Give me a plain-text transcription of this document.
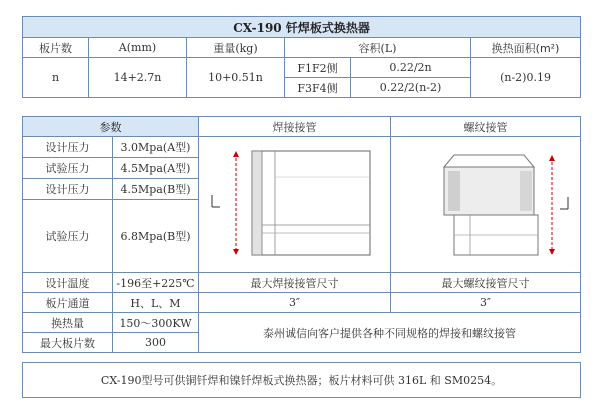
CX-190 钎焊板式换热器					
板片数	A(mm)	重量(kg)	容积(L)		换热面积(m²)
n	14+2.7n	10+0.51n	F1F2侧	0.22/2n	(n-2)0.19
			F3F4侧	0.22/2(n-2)	
参数		焊接接管	螺纹接管
设计压力	3.0Mpa(A型)	L	L

试验压力	4.5Mpa(A型)		
设计压力	4.5Mpa(B型)		
试验压力	6.8Mpa(B型)		
设计温度	-196至+225℃	最大焊接接管尺寸	最大螺纹接管尺寸
板片通道	H、L、M	3″	3″
换热量	150～300KW	泰州诚信向客户提供各种不同规格的焊接和螺纹接管	
最大板片数	300		
CX-190型号可供铜钎焊和镍钎焊板式换热器；板片材料可供 316L 和 SM0254。
